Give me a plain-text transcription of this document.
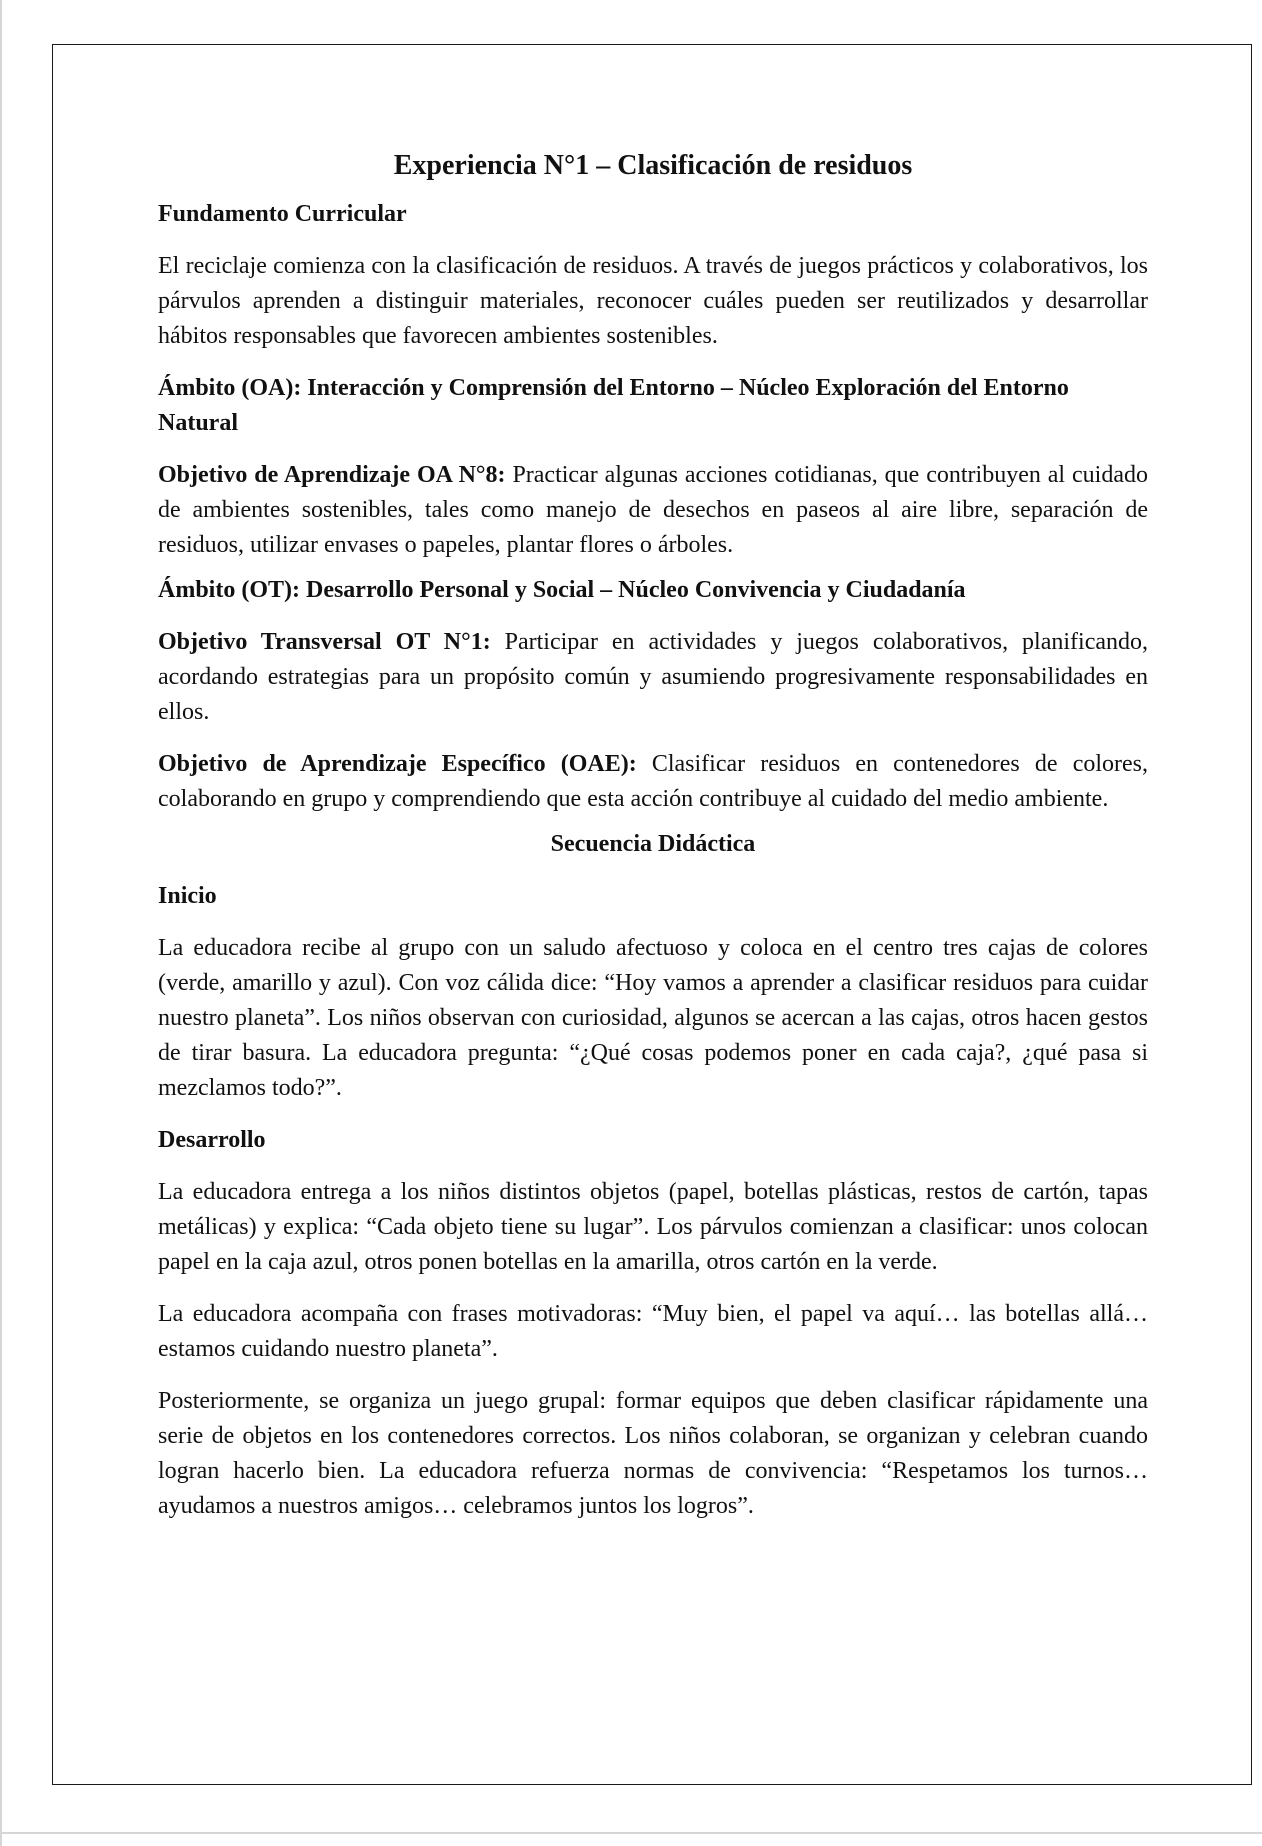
Experiencia N°1 – Clasificación de residuos
Fundamento Curricular

El reciclaje comienza con la clasificación de residuos. A través de juegos prácticos y colaborativos, los párvulos aprenden a distinguir materiales, reconocer cuáles pueden ser reutilizados y desarrollar hábitos responsables que favorecen ambientes sostenibles.

Ámbito (OA): Interacción y Comprensión del Entorno – Núcleo Exploración del Entorno Natural

Objetivo de Aprendizaje OA N°8: Practicar algunas acciones cotidianas, que contribuyen al cuidado de ambientes sostenibles, tales como manejo de desechos en paseos al aire libre, separación de residuos, utilizar envases o papeles, plantar flores o árboles.

Ámbito (OT): Desarrollo Personal y Social – Núcleo Convivencia y Ciudadanía

Objetivo Transversal OT N°1: Participar en actividades y juegos colaborativos, planificando, acordando estrategias para un propósito común y asumiendo progresivamente responsabilidades en ellos.

Objetivo de Aprendizaje Específico (OAE): Clasificar residuos en contenedores de colores, colaborando en grupo y comprendiendo que esta acción contribuye al cuidado del medio ambiente.

Secuencia Didáctica
Inicio

La educadora recibe al grupo con un saludo afectuoso y coloca en el centro tres cajas de colores (verde, amarillo y azul). Con voz cálida dice: “Hoy vamos a aprender a clasificar residuos para cuidar nuestro planeta”. Los niños observan con curiosidad, algunos se acercan a las cajas, otros hacen gestos de tirar basura. La educadora pregunta: “¿Qué cosas podemos poner en cada caja?, ¿qué pasa si mezclamos todo?”.

Desarrollo

La educadora entrega a los niños distintos objetos (papel, botellas plásticas, restos de cartón, tapas metálicas) y explica: “Cada objeto tiene su lugar”. Los párvulos comienzan a clasificar: unos colocan papel en la caja azul, otros ponen botellas en la amarilla, otros cartón en la verde.

La educadora acompaña con frases motivadoras: “Muy bien, el papel va aquí… las botellas allá… estamos cuidando nuestro planeta”.

Posteriormente, se organiza un juego grupal: formar equipos que deben clasificar rápidamente una serie de objetos en los contenedores correctos. Los niños colaboran, se organizan y celebran cuando logran hacerlo bien. La educadora refuerza normas de convivencia: “Respetamos los turnos… ayudamos a nuestros amigos… celebramos juntos los logros”.
